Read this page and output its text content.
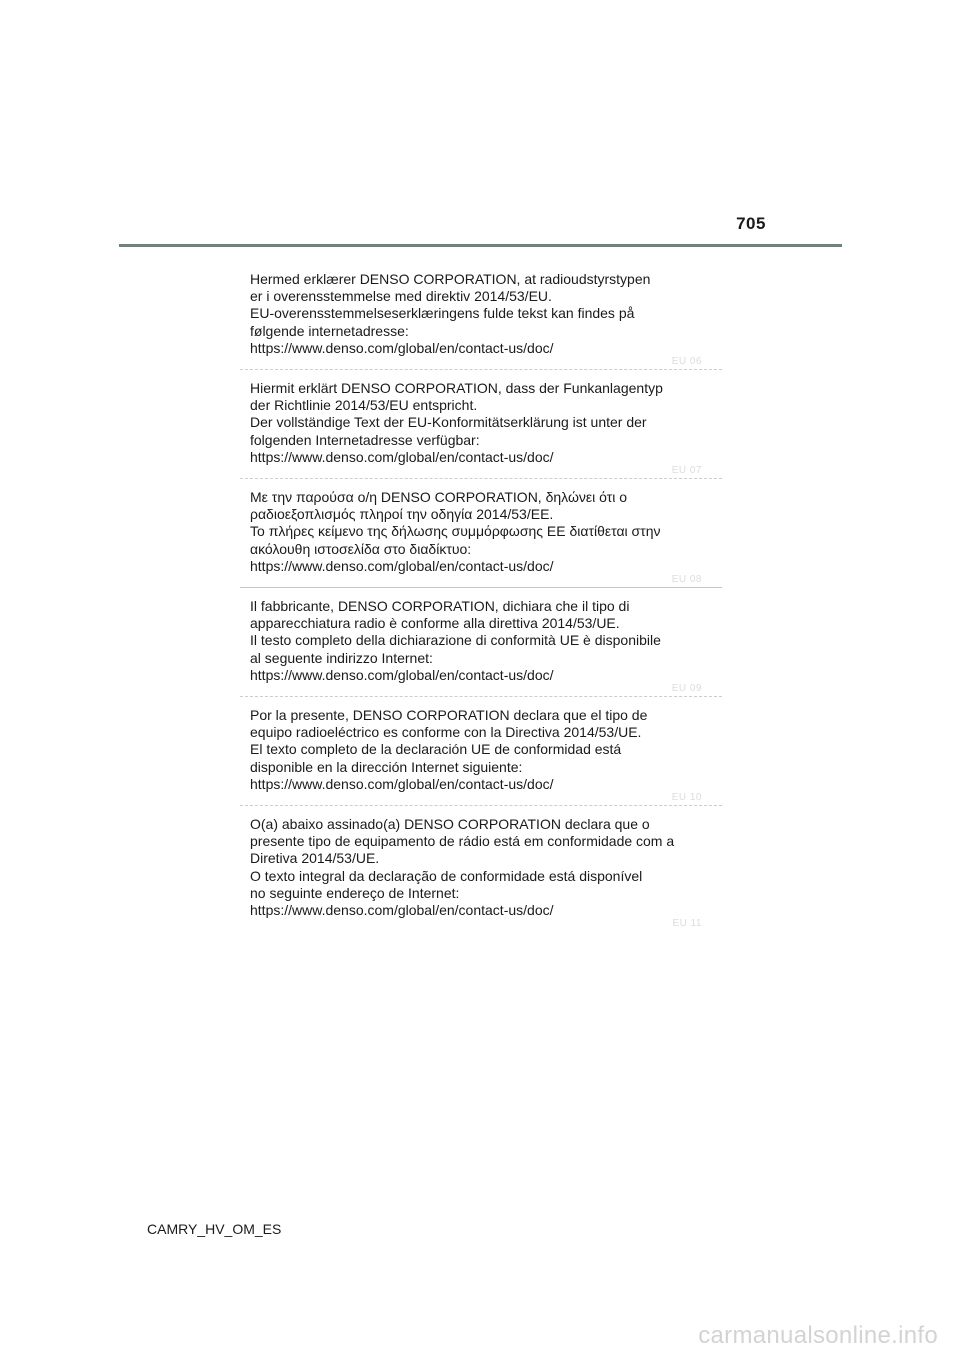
705

Hermed erklærer DENSO CORPORATION, at radioudstyrstypen
er i overensstemmelse med direktiv 2014/53/EU.
EU-overensstemmelseserklæringens fulde tekst kan findes på
følgende internetadresse:
https://www.denso.com/global/en/contact-us/doc/

EU 06

Hiermit erklärt DENSO CORPORATION, dass der Funkanlagentyp
der Richtlinie 2014/53/EU entspricht.
Der vollständige Text der EU-Konformitätserklärung ist unter der
folgenden Internetadresse verfügbar:
https://www.denso.com/global/en/contact-us/doc/

EU 07

Με την παρούσα ο/η DENSO CORPORATION, δηλώνει ότι ο
ραδιοεξοπλισμός πληροί την οδηγία 2014/53/ΕΕ.
Το πλήρες κείμενο της δήλωσης συμμόρφωσης ΕΕ διατίθεται στην
ακόλουθη ιστοσελίδα στο διαδίκτυο:
https://www.denso.com/global/en/contact-us/doc/

EU 08

Il fabbricante, DENSO CORPORATION, dichiara che il tipo di
apparecchiatura radio è conforme alla direttiva 2014/53/UE.
Il testo completo della dichiarazione di conformità UE è disponibile
al seguente indirizzo Internet:
https://www.denso.com/global/en/contact-us/doc/

EU 09

Por la presente, DENSO CORPORATION declara que el tipo de
equipo radioeléctrico es conforme con la Directiva 2014/53/UE.
El texto completo de la declaración UE de conformidad está
disponible en la dirección Internet siguiente:
https://www.denso.com/global/en/contact-us/doc/

EU 10

O(a) abaixo assinado(a) DENSO CORPORATION declara que o
presente tipo de equipamento de rádio está em conformidade com a
Diretiva 2014/53/UE.
O texto integral da declaração de conformidade está disponível
no seguinte endereço de Internet:
https://www.denso.com/global/en/contact-us/doc/

EU 11
CAMRY_HV_OM_ES
carmanualsonline.info
